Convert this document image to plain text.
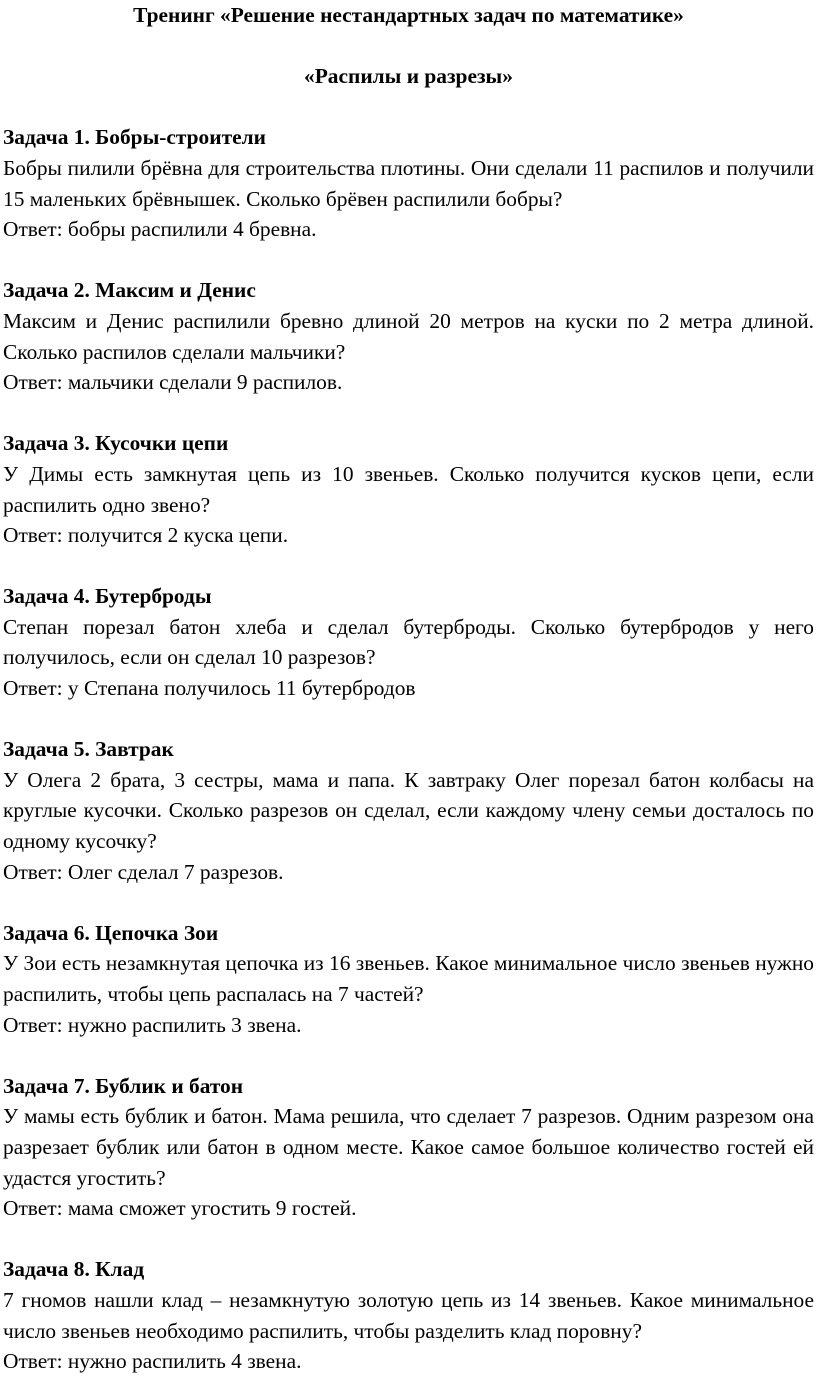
Тренинг «Решение нестандартных задач по математике»

«Распилы и разрезы»

Задача 1. Бобры-строители

Бобры пилили брёвна для строительства плотины. Они сделали 11 распилов и получили 15 маленьких брёвнышек. Сколько брёвен распилили бобры?

Ответ: бобры распилили 4 бревна.

Задача 2. Максим и Денис

Максим и Денис распилили бревно длиной 20 метров на куски по 2 метра длиной. Сколько распилов сделали мальчики?

Ответ: мальчики сделали 9 распилов.

Задача 3. Кусочки цепи

У Димы есть замкнутая цепь из 10 звеньев. Сколько получится кусков цепи, если распилить одно звено?

Ответ: получится 2 куска цепи.

Задача 4. Бутерброды

Степан порезал батон хлеба и сделал бутерброды. Сколько бутербродов у него получилось, если он сделал 10 разрезов?

Ответ: у Степана получилось 11 бутербродов

Задача 5. Завтрак

У Олега 2 брата, 3 сестры, мама и папа. К завтраку Олег порезал батон колбасы на круглые кусочки. Сколько разрезов он сделал, если каждому члену семьи досталось по одному кусочку?

Ответ: Олег сделал 7 разрезов.

Задача 6. Цепочка Зои

У Зои есть незамкнутая цепочка из 16 звеньев. Какое минимальное число звеньев нужно распилить, чтобы цепь распалась на 7 частей?

Ответ: нужно распилить 3 звена.

Задача 7. Бублик и батон

У мамы есть бублик и батон. Мама решила, что сделает 7 разрезов. Одним разрезом она разрезает бублик или батон в одном месте. Какое самое большое количество гостей ей удастся угостить?

Ответ: мама сможет угостить 9 гостей.

Задача 8. Клад

7 гномов нашли клад – незамкнутую золотую цепь из 14 звеньев. Какое минимальное число звеньев необходимо распилить, чтобы разделить клад поровну?

Ответ: нужно распилить 4 звена.
